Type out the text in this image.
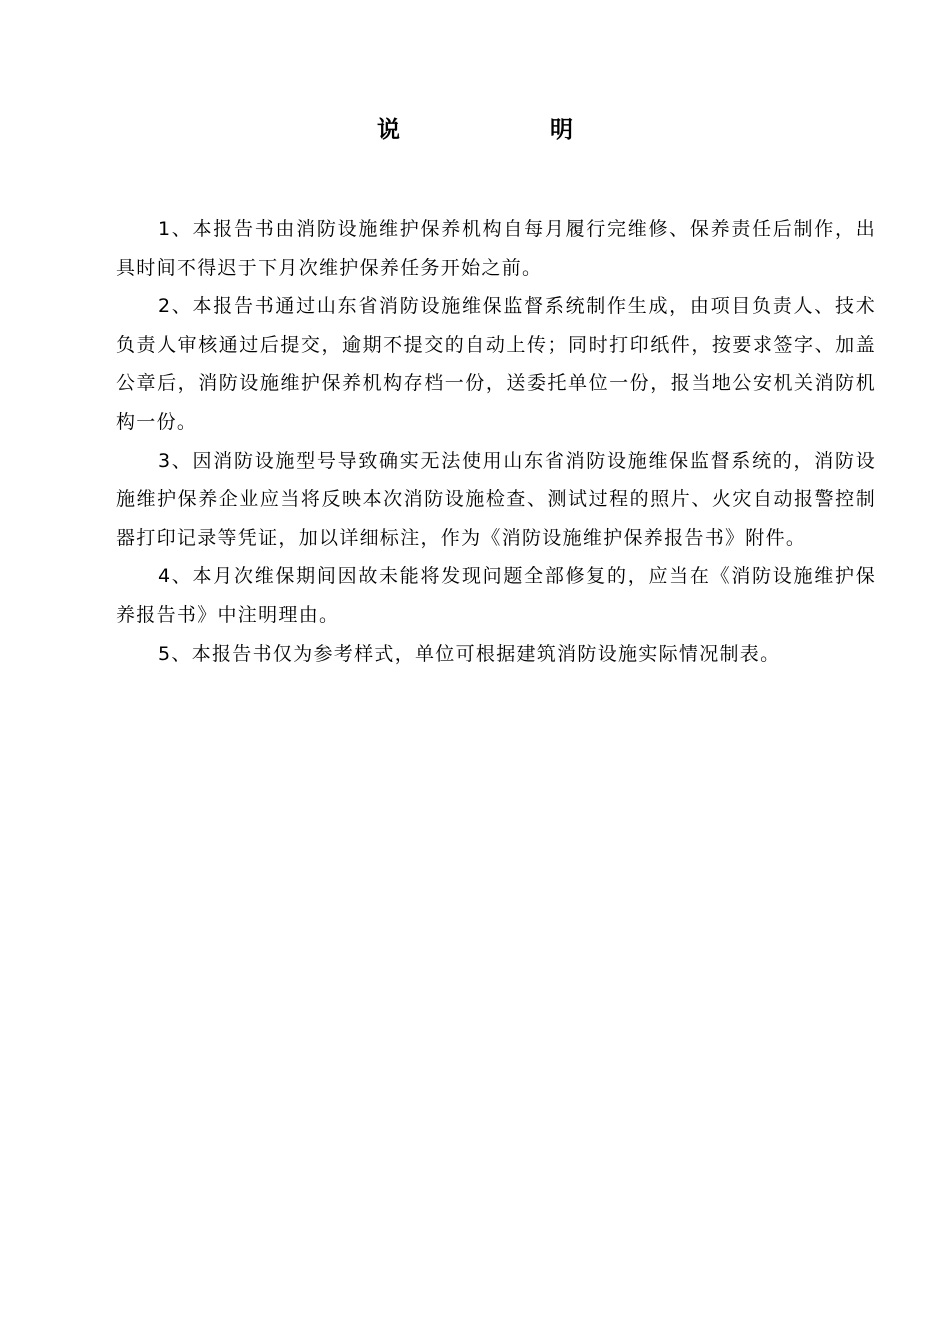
说	明

1、本报告书由消防设施维护保养机构自每月履行完维修、保养责任后制作，出具时间不得迟于下月次维护保养任务开始之前。

2、本报告书通过山东省消防设施维保监督系统制作生成，由项目负责人、技术负责人审核通过后提交，逾期不提交的自动上传；同时打印纸件，按要求签字、加盖公章后，消防设施维护保养机构存档一份，送委托单位一份，报当地公安机关消防机构一份。

3、因消防设施型号导致确实无法使用山东省消防设施维保监督系统的，消防设施维护保养企业应当将反映本次消防设施检查、测试过程的照片、火灾自动报警控制器打印记录等凭证，加以详细标注，作为《消防设施维护保养报告书》附件。

4、本月次维保期间因故未能将发现问题全部修复的，应当在《消防设施维护保养报告书》中注明理由。

5、本报告书仅为参考样式，单位可根据建筑消防设施实际情况制表。
